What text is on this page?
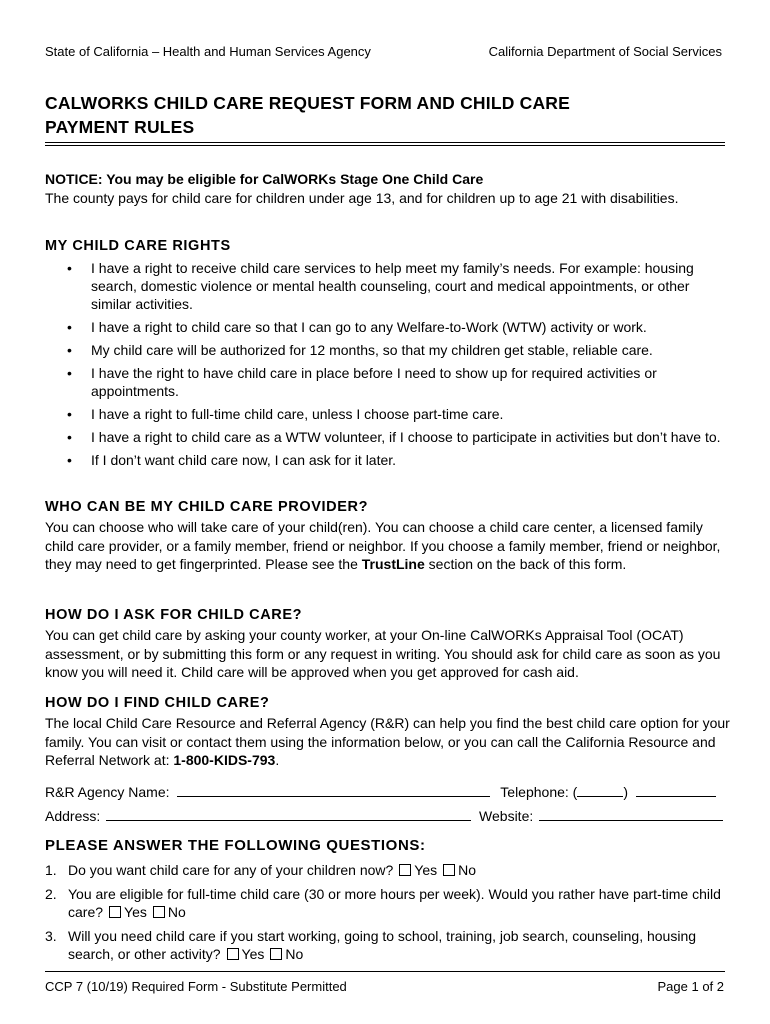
State of California – Health and Human Services Agency	California Department of Social Services
CALWORKS CHILD CARE REQUEST FORM AND CHILD CARE
PAYMENT RULES
NOTICE: You may be eligible for CalWORKs Stage One Child Care
The county pays for child care for children under age 13, and for children up to age 21 with disabilities.
MY CHILD CARE RIGHTS
• I have a right to receive child care services to help meet my family’s needs. For example: housing search, domestic violence or mental health counseling, court and medical appointments, or other similar activities.
• I have a right to child care so that I can go to any Welfare-to-Work (WTW) activity or work.
• My child care will be authorized for 12 months, so that my children get stable, reliable care.
• I have the right to have child care in place before I need to show up for required activities or appointments.
• I have a right to full-time child care, unless I choose part-time care.
• I have a right to child care as a WTW volunteer, if I choose to participate in activities but don’t have to.
• If I don’t want child care now, I can ask for it later.
WHO CAN BE MY CHILD CARE PROVIDER?
You can choose who will take care of your child(ren). You can choose a child care center, a licensed family child care provider, or a family member, friend or neighbor. If you choose a family member, friend or neighbor, they may need to get fingerprinted. Please see the TrustLine section on the back of this form.
HOW DO I ASK FOR CHILD CARE?
You can get child care by asking your county worker, at your On-line CalWORKs Appraisal Tool (OCAT) assessment, or by submitting this form or any request in writing. You should ask for child care as soon as you know you will need it. Child care will be approved when you get approved for cash aid.
HOW DO I FIND CHILD CARE?
The local Child Care Resource and Referral Agency (R&R) can help you find the best child care option for your family. You can visit or contact them using the information below, or you can call the California Resource and Referral Network at: 1-800-KIDS-793.
R&R Agency Name:	Telephone: (	)
Address:	Website:
PLEASE ANSWER THE FOLLOWING QUESTIONS:
1. Do you want child care for any of your children now? Yes No
2. You are eligible for full-time child care (30 or more hours per week). Would you rather have part-time child care? Yes No
3. Will you need child care if you start working, going to school, training, job search, counseling, housing search, or other activity? Yes No
CCP 7 (10/19) Required Form - Substitute Permitted	Page 1 of 2
